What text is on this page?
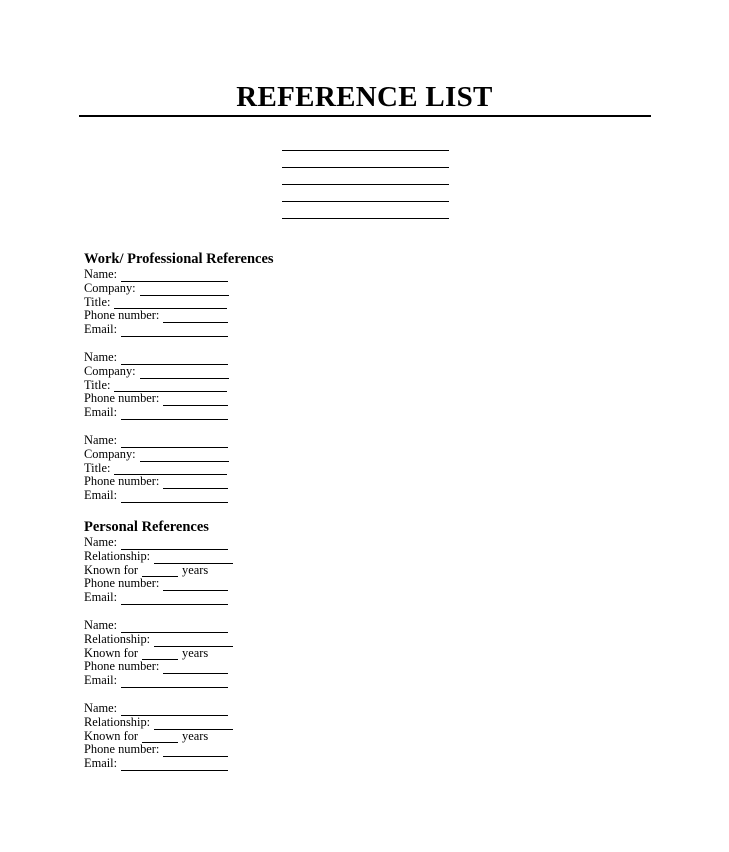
REFERENCE LIST
Work/ Professional References
Name:
Company:
Title:
Phone number:
Email:
Name:
Company:
Title:
Phone number:
Email:
Name:
Company:
Title:
Phone number:
Email:
Personal References
Name:
Relationship:
Known for	years
Phone number:
Email:
Name:
Relationship:
Known for	years
Phone number:
Email:
Name:
Relationship:
Known for	years
Phone number:
Email:
